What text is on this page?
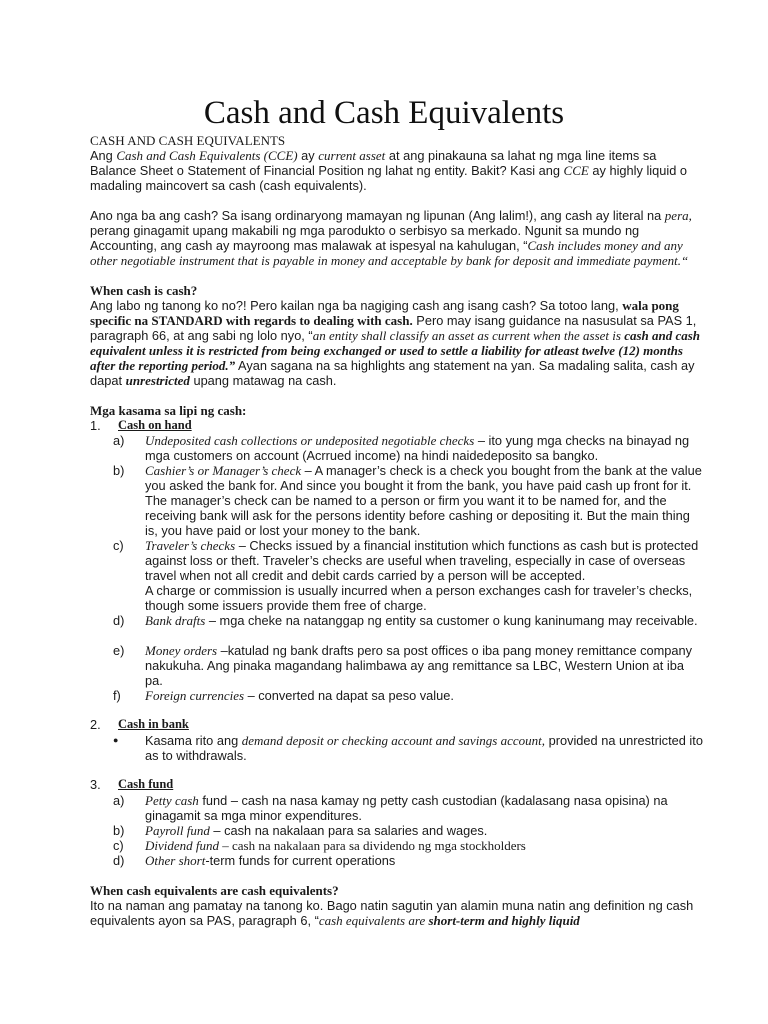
Cash and Cash Equivalents
CASH AND CASH EQUIVALENTS
Ang Cash and Cash Equivalents (CCE) ay current asset at ang pinakauna sa lahat ng mga line items sa Balance Sheet o Statement of Financial Position ng lahat ng entity. Bakit? Kasi ang CCE ay highly liquid o madaling maincovert sa cash (cash equivalents).
Ano nga ba ang cash? Sa isang ordinaryong mamayan ng lipunan (Ang lalim!), ang cash ay literal na pera, perang ginagamit upang makabili ng mga parodukto o serbisyo sa merkado. Ngunit sa mundo ng Accounting, ang cash ay mayroong mas malawak at ispesyal na kahulugan, “Cash includes money and any other negotiable instrument that is payable in money and acceptable by bank for deposit and immediate payment.“
When cash is cash?
Ang labo ng tanong ko no?! Pero kailan nga ba nagiging cash ang isang cash? Sa totoo lang, wala pong specific na STANDARD with regards to dealing with cash. Pero may isang guidance na nasusulat sa PAS 1, paragraph 66, at ang sabi ng lolo nyo, “an entity shall classify an asset as current when the asset is cash and cash equivalent unless it is restricted from being exchanged or used to settle a liability for atleast twelve (12) months after the reporting period.” Ayan sagana na sa highlights ang statement na yan. Sa madaling salita, cash ay dapat unrestricted upang matawag na cash.
Mga kasama sa lipi ng cash:
1. Cash on hand
a) Undeposited cash collections or undeposited negotiable checks – ito yung mga checks na binayad ng mga customers on account (Acrrued income) na hindi naidedeposito sa bangko.
b) Cashier’s or Manager’s check – A manager’s check is a check you bought from the bank at the value you asked the bank for. And since you bought it from the bank, you have paid cash up front for it. The manager’s check can be named to a person or firm you want it to be named for, and the receiving bank will ask for the persons identity before cashing or depositing it. But the main thing is, you have paid or lost your money to the bank.
c) Traveler’s checks – Checks issued by a financial institution which functions as cash but is protected against loss or theft. Traveler’s checks are useful when traveling, especially in case of overseas travel when not all credit and debit cards carried by a person will be accepted.
A charge or commission is usually incurred when a person exchanges cash for traveler’s checks, though some issuers provide them free of charge.
d) Bank drafts – mga cheke na natanggap ng entity sa customer o kung kaninumang may receivable.
e) Money orders –katulad ng bank drafts pero sa post offices o iba pang money remittance company nakukuha. Ang pinaka magandang halimbawa ay ang remittance sa LBC, Western Union at iba pa.
f) Foreign currencies – converted na dapat sa peso value.
2. Cash in bank
● Kasama rito ang demand deposit or checking account and savings account, provided na unrestricted ito as to withdrawals.
3. Cash fund
a) Petty cash fund – cash na nasa kamay ng petty cash custodian (kadalasang nasa opisina) na ginagamit sa mga minor expenditures.
b) Payroll fund – cash na nakalaan para sa salaries and wages.
c) Dividend fund – cash na nakalaan para sa dividendo ng mga stockholders
d) Other short-term funds for current operations
When cash equivalents are cash equivalents?
Ito na naman ang pamatay na tanong ko. Bago natin sagutin yan alamin muna natin ang definition ng cash equivalents ayon sa PAS, paragraph 6, “cash equivalents are short-term and highly liquid
